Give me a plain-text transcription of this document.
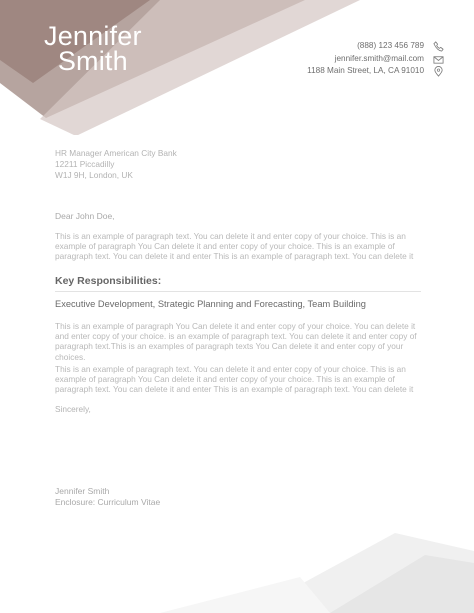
Jennifer
Smith
(888) 123 456 789
jennifer.smith@mail.com
1188 Main Street, LA, CA 91010
HR Manager American City Bank
12211 Piccadilly
W1J 9H, London, UK
Dear John Doe,
This is an example of paragraph text. You can delete it and enter copy of your choice. This is an example of paragraph You Can delete it and enter copy of your choice. This is an example of paragraph text. You can delete it and enter This is an example of paragraph text. You can delete it
Key Responsibilities:
Executive Development, Strategic Planning and Forecasting, Team Building
This is an example of paragraph You Can delete it and enter copy of your choice. You can delete it and enter copy of your choice. is an example of paragraph text. You can delete it and enter copy of paragraph text.This is an examples of paragraph texts You Can delete it and enter copy of your choices.
This is an example of paragraph text. You can delete it and enter copy of your choice. This is an example of paragraph You Can delete it and enter copy of your choice. This is an example of paragraph text. You can delete it and enter This is an example of paragraph text. You can delete it
Sincerely,
Jennifer Smith
Enclosure: Curriculum Vitae
